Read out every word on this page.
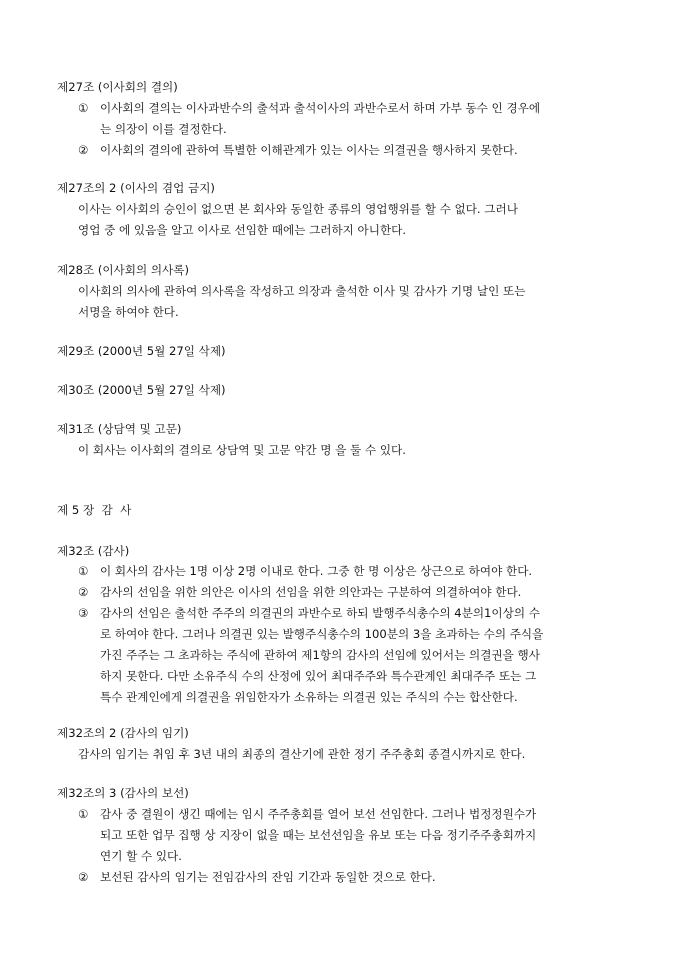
제27조 (이사회의 결의)
① 이사회의 결의는 이사과반수의 출석과 출석이사의 과반수로서 하며 가부 동수 인 경우에
는 의장이 이를 결정한다.
② 이사회의 결의에 관하여 특별한 이해관계가 있는 이사는 의결권을 행사하지 못한다.
제27조의 2 (이사의 겸업 금지)
이사는 이사회의 승인이 없으면 본 회사와 동일한 종류의 영업행위를 할 수 없다. 그러나
영업 중 에 있음을 알고 이사로 선임한 때에는 그러하지 아니한다.
제28조 (이사회의 의사록)
이사회의 의사에 관하여 의사록을 작성하고 의장과 출석한 이사 및 감사가 기명 날인 또는
서명을 하여야 한다.
제29조 (2000년 5월 27일 삭제)
제30조 (2000년 5월 27일 삭제)
제31조 (상담역 및 고문)
이 회사는 이사회의 결의로 상담역 및 고문 약간 명 을 둘 수 있다.
제 5 장  감  사
제32조 (감사)
① 이 회사의 감사는 1명 이상 2명 이내로 한다. 그중 한 명 이상은 상근으로 하여야 한다.
② 감사의 선임을 위한 의안은 이사의 선임을 위한 의안과는 구분하여 의결하여야 한다.
③ 감사의 선임은 출석한 주주의 의결권의 과반수로 하되 발행주식총수의 4분의1이상의 수
로 하여야 한다. 그러나 의결권 있는 발행주식총수의 100분의 3을 초과하는 수의 주식을
가진 주주는 그 초과하는 주식에 관하여 제1항의 감사의 선임에 있어서는 의결권을 행사
하지 못한다. 다만 소유주식 수의 산정에 있어 최대주주와 특수관계인 최대주주 또는 그
특수 관계인에게 의결권을 위임한자가 소유하는 의결권 있는 주식의 수는 합산한다.
제32조의 2 (감사의 임기)
감사의 임기는 취임 후 3년 내의 최종의 결산기에 관한 정기 주주총회 종결시까지로 한다.
제32조의 3 (감사의 보선)
① 감사 중 결원이 생긴 때에는 임시 주주총회를 열어 보선 선임한다. 그러나 법정정원수가
되고 또한 업무 집행 상 지장이 없을 때는 보선선임을 유보 또는 다음 정기주주총회까지
연기 할 수 있다.
② 보선된 감사의 임기는 전임감사의 잔임 기간과 동일한 것으로 한다.
